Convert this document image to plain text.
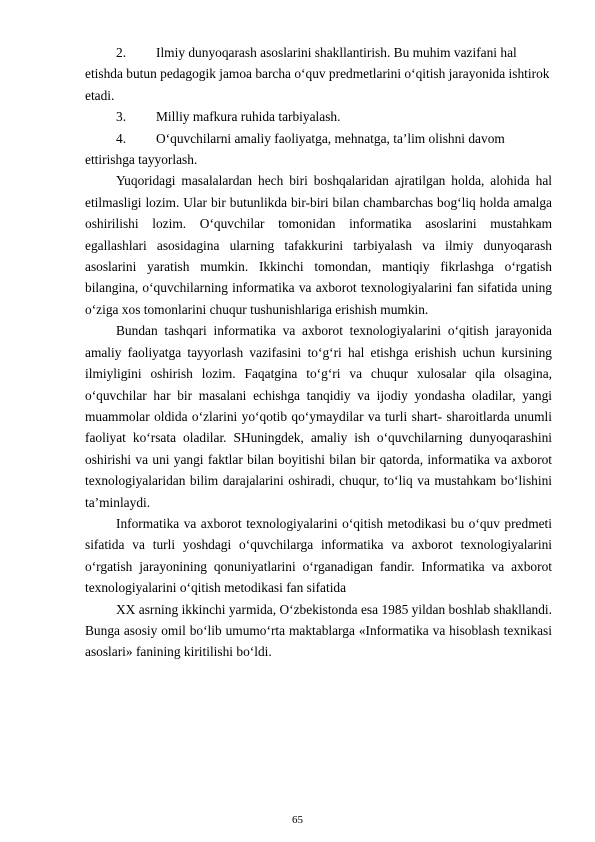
2.	Ilmiy dunyoqarash asoslarini shakllantirish. Bu muhim vazifani hal
etishda butun pedagogik jamoa barcha o‘quv predmetlarini o‘qitish jarayonida ishtirok etadi.
3.	Milliy mafkura ruhida tarbiyalash.
4.	O‘quvchilarni amaliy faoliyatga, mehnatga, ta’lim olishni davom
ettirishga tayyorlash.

Yuqoridagi masalalardan hech biri boshqalaridan ajratilgan holda, alohida hal etilmasligi lozim. Ular bir butunlikda bir-biri bilan chambarchas bog‘liq holda amalga oshirilishi lozim. O‘quvchilar tomonidan informatika asoslarini mustahkam egallashlari asosidagina ularning tafakkurini tarbiyalash va ilmiy dunyoqarash asoslarini yaratish mumkin. Ikkinchi tomondan, mantiqiy fikrlashga o‘rgatish bilangina, o‘quvchilarning informatika va axborot texnologiyalarini fan sifatida uning o‘ziga xos tomonlarini chuqur tushunishlariga erishish mumkin.

Bundan tashqari informatika va axborot texnologiyalarini o‘qitish jarayonida amaliy faoliyatga tayyorlash vazifasini to‘g‘ri hal etishga erishish uchun kursining ilmiyligini oshirish lozim. Faqatgina to‘g‘ri va chuqur xulosalar qila olsagina, o‘quvchilar har bir masalani echishga tanqidiy va ijodiy yondasha oladilar, yangi muammolar oldida o‘zlarini yo‘qotib qo‘ymaydilar va turli shart- sharoitlarda unumli faoliyat ko‘rsata oladilar. SHuningdek, amaliy ish o‘quvchilarning dunyoqarashini oshirishi va uni yangi faktlar bilan boyitishi bilan bir qatorda, informatika va axborot texnologiyalaridan bilim darajalarini oshiradi, chuqur, to‘liq va mustahkam bo‘lishini ta’minlaydi.

Informatika va axborot texnologiyalarini o‘qitish metodikasi bu o‘quv predmeti sifatida va turli yoshdagi o‘quvchilarga informatika va axborot texnologiyalarini o‘rgatish jarayonining qonuniyatlarini o‘rganadigan fandir. Informatika va axborot texnologiyalarini o‘qitish metodikasi fan sifatida

XX asrning ikkinchi yarmida, O‘zbekistonda esa 1985 yildan boshlab shakllandi. Bunga asosiy omil bo‘lib umumo‘rta maktablarga «Informatika va hisoblash texnikasi asoslari» fanining kiritilishi bo‘ldi.

65
